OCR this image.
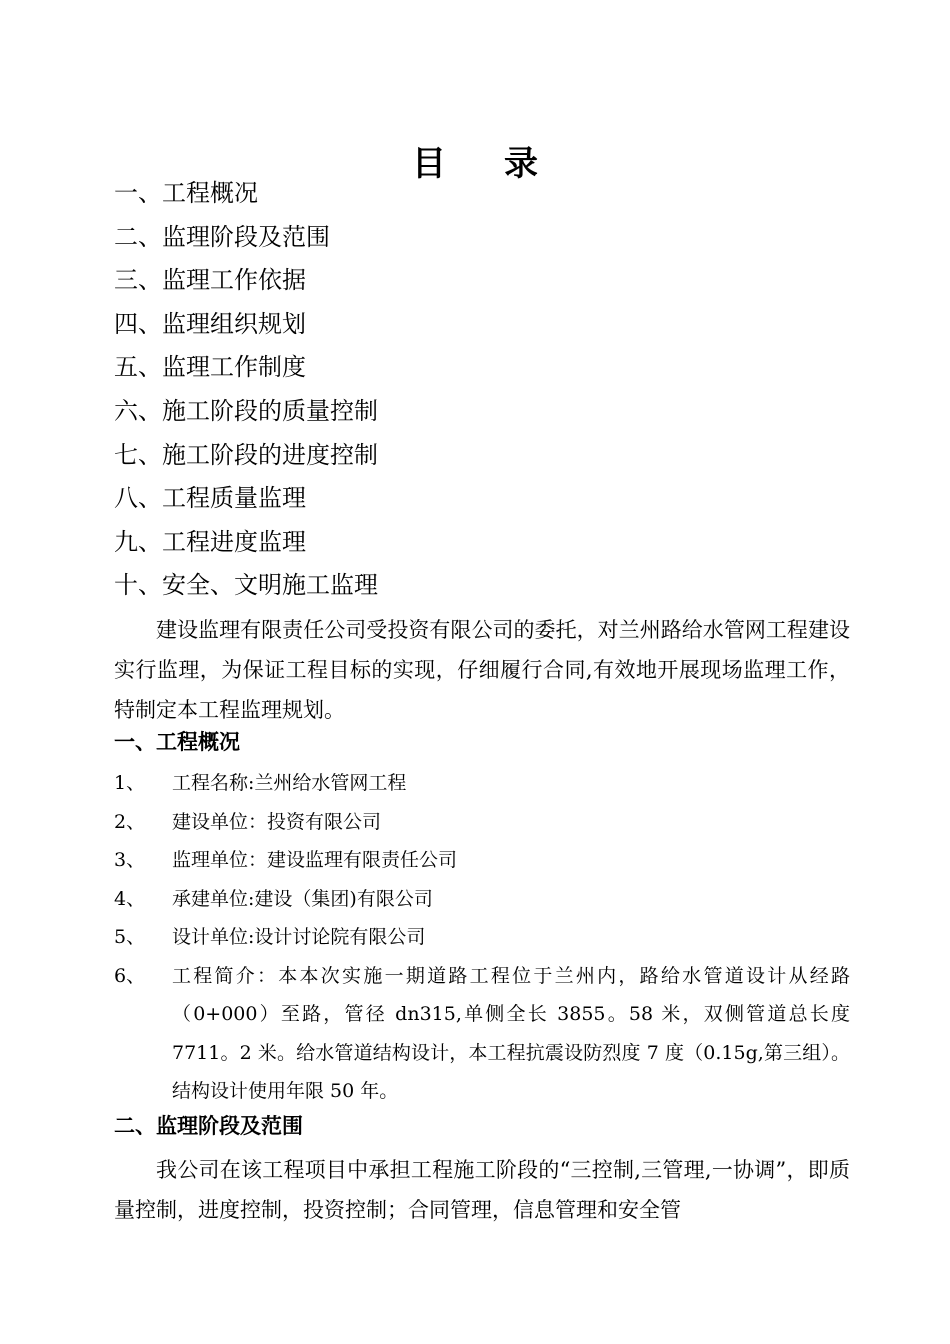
目 录
一、工程概况
二、监理阶段及范围
三、监理工作依据
四、监理组织规划
五、监理工作制度
六、施工阶段的质量控制
七、施工阶段的进度控制
八、工程质量监理
九、工程进度监理
十、安全、文明施工监理

建设监理有限责任公司受投资有限公司的委托，对兰州路给水管网工程建设实行监理，为保证工程目标的实现，仔细履行合同,有效地开展现场监理工作，特制定本工程监理规划。

一、工程概况

1、 工程名称:兰州给水管网工程
2、 建设单位：投资有限公司
3、 监理单位：建设监理有限责任公司
4、 承建单位:建设（集团)有限公司
5、 设计单位:设计讨论院有限公司
6、 工程简介：本本次实施一期道路工程位于兰州内，路给水管道设计从经路（0+000）至路，管径 dn315,单侧全长 3855。58 米，双侧管道总长度 7711。2 米。给水管道结构设计，本工程抗震设防烈度 7 度（0.15g,第三组）。结构设计使用年限 50 年。

二、监理阶段及范围

我公司在该工程项目中承担工程施工阶段的“三控制,三管理,一协调”，即质量控制，进度控制，投资控制；合同管理，信息管理和安全管
